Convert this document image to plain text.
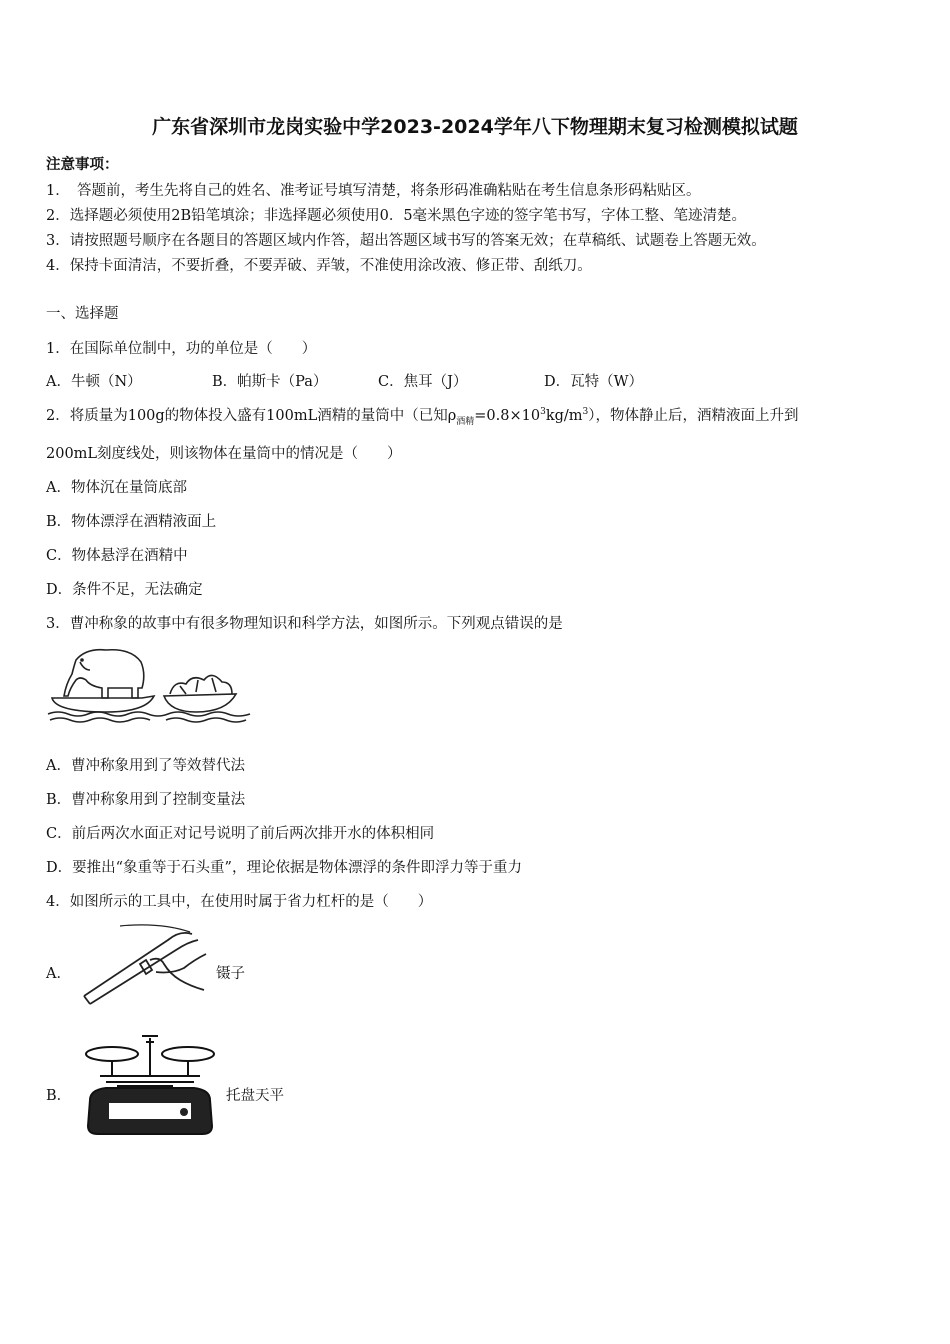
广东省深圳市龙岗实验中学2023-2024学年八下物理期末复习检测模拟试题
注意事项：
1．　答题前，考生先将自己的姓名、准考证号填写清楚，将条形码准确粘贴在考生信息条形码粘贴区。
2．选择题必须使用2B铅笔填涂；非选择题必须使用0．5毫米黑色字迹的签字笔书写，字体工整、笔迹清楚。
3．请按照题号顺序在各题目的答题区域内作答，超出答题区域书写的答案无效；在草稿纸、试题卷上答题无效。
4．保持卡面清洁，不要折叠，不要弄破、弄皱，不准使用涂改液、修正带、刮纸刀。
一、选择题
1．在国际单位制中，功的单位是（　　）
A．牛顿（N）	B．帕斯卡（Pa）	C．焦耳（J）	D．瓦特（W）
2．将质量为100g的物体投入盛有100mL酒精的量筒中（已知$\rho_{酒精}=0.8\times 10^3kg/m^3$），物体静止后，酒精液面上升到
200mL刻度线处，则该物体在量筒中的情况是（　　）
A．物体沉在量筒底部
B．物体漂浮在酒精液面上
C．物体悬浮在酒精中
D．条件不足，无法确定
3．曹冲称象的故事中有很多物理知识和科学方法，如图所示。下列观点错误的是
A．曹冲称象用到了等效替代法
B．曹冲称象用到了控制变量法
C．前后两次水面正对记号说明了前后两次排开水的体积相同
D．要推出“象重等于石头重”，理论依据是物体漂浮的条件即浮力等于重力
4．如图所示的工具中，在使用时属于省力杠杆的是（　　）
A．	镊子
B．	托盘天平
